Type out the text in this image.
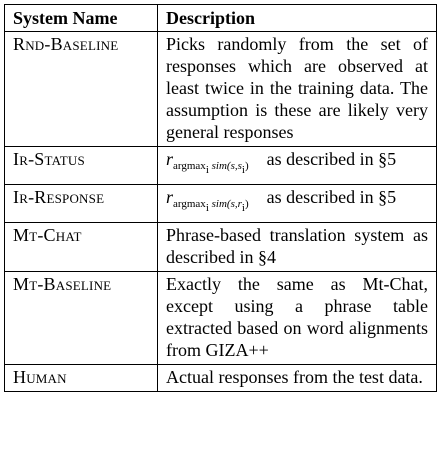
System Name	Description
Rnd-Baseline	Picks randomly from the set of responses which are observed at least twice in the training data. The assumption is these are likely very general responses
Ir-Status	$r_{argmax_i sim(s,s_i)}$ as described in §5
Ir-Response	$r_{argmax_i sim(s,r_i)}$ as described in §5
Mt-Chat	Phrase-based translation system as described in §4
Mt-Baseline	Exactly the same as Mt-Chat, except using a phrase table extracted based on word alignments from GIZA++
Human	Actual responses from the test data.
